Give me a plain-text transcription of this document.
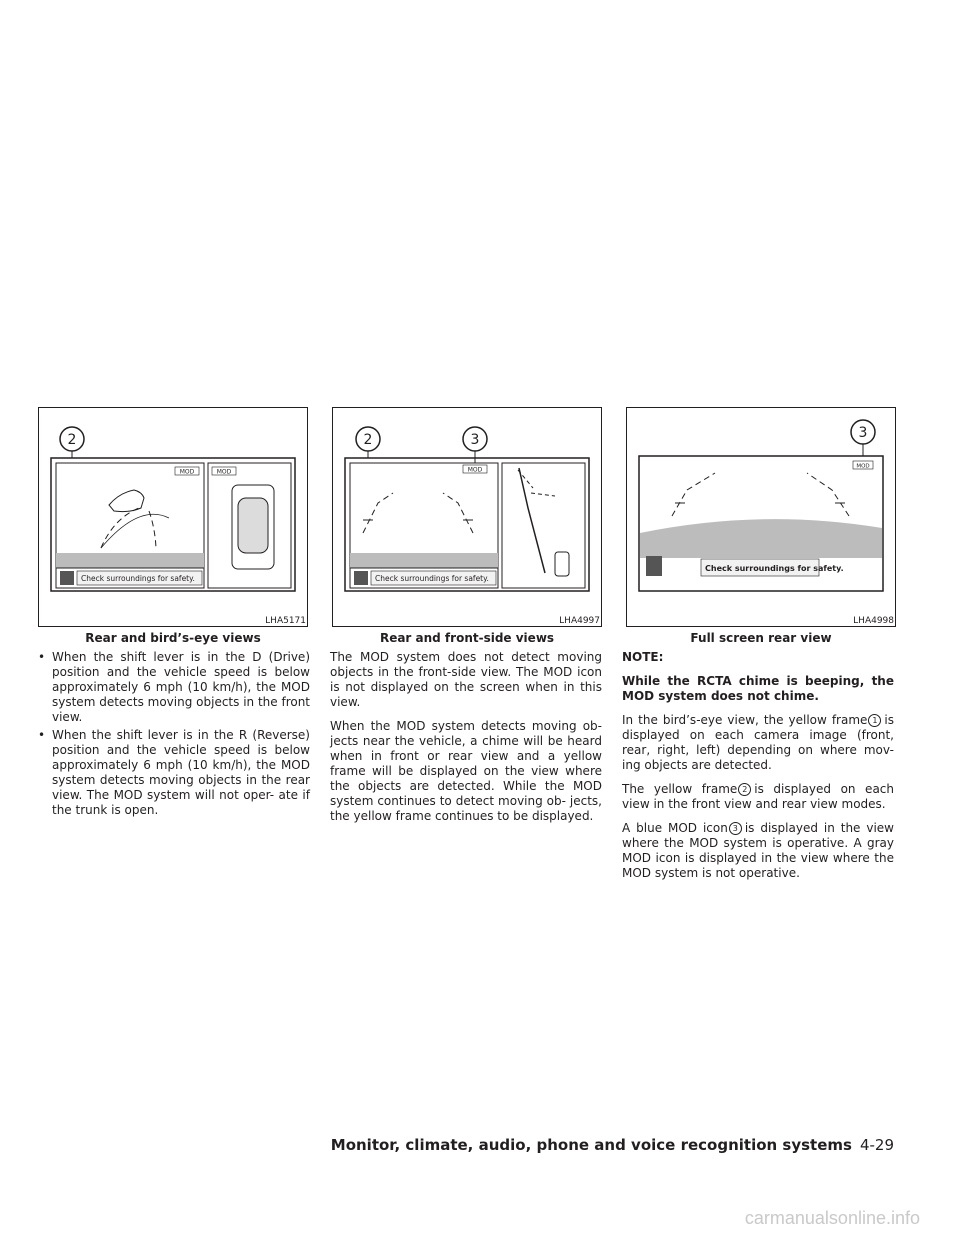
2
Check surroundings for safety.
MOD	MOD
LHA5171
Rear and bird’s-eye views
2	3
Check surroundings for safety.
MOD
LHA4997
Rear and front-side views
3
Check surroundings for safety.
MOD
LHA4998
Full screen rear view
• When the shift lever is in the D (Drive) position and the vehicle speed is below approximately 6 mph (10 km/h), the MOD system detects moving objects in the front view.
• When the shift lever is in the R (Reverse) position and the vehicle speed is below approximately 6 mph (10 km/h), the MOD system detects moving objects in the rear view. The MOD system will not oper- ate if the trunk is open.

The MOD system does not detect moving objects in the front-side view. The MOD icon is not displayed on the screen when in this view.

When the MOD system detects moving ob- jects near the vehicle, a chime will be heard when in front or rear view and a yellow frame will be displayed on the view where the objects are detected. While the MOD system continues to detect moving ob- jects, the yellow frame continues to be displayed.

NOTE:

While the RCTA chime is beeping, the MOD system does not chime.

In the bird’s-eye view, the yellow frame 1 is displayed on each camera image (front, rear, right, left) depending on where mov- ing objects are detected.

The yellow frame 2 is displayed on each view in the front view and rear view modes.

A blue MOD icon 3 is displayed in the view where the MOD system is operative. A gray MOD icon is displayed in the view where the MOD system is not operative.

Monitor, climate, audio, phone and voice recognition systems 4-29
carmanualsonline.info
